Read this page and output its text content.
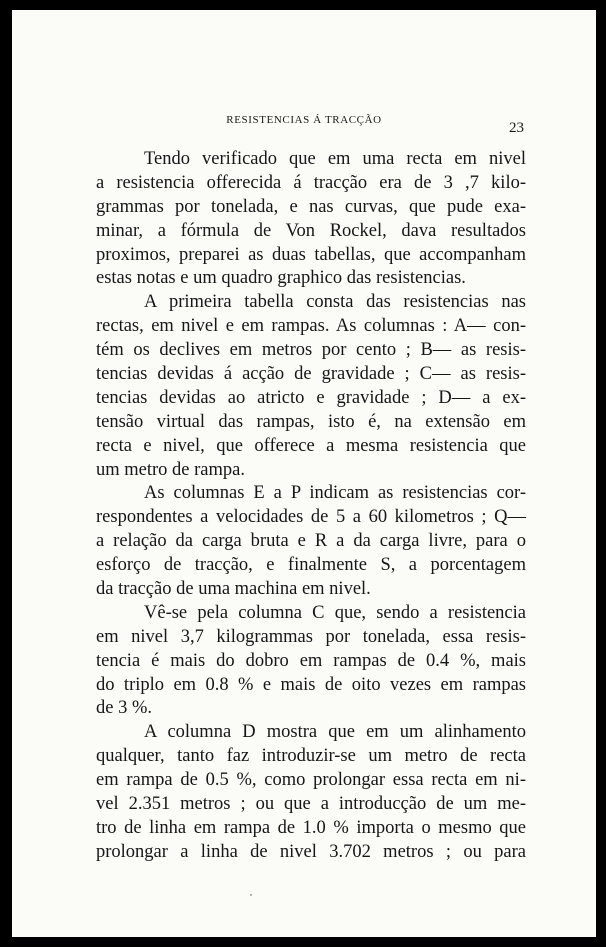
RESISTENCIAS Á TRACÇÃO	23
Tendo verificado que em uma recta em nivel
a resistencia offerecida á tracção era de 3 ,7 kilo-
grammas por tonelada, e nas curvas, que pude exa-
minar, a fórmula de Von Rockel, dava resultados
proximos, preparei as duas tabellas, que accompanham
estas notas e um quadro graphico das resistencias.
A primeira tabella consta das resistencias nas
rectas, em nivel e em rampas. As columnas : A— con-
tém os declives em metros por cento ; B— as resis-
tencias devidas á acção de gravidade ; C— as resis-
tencias devidas ao atricto e gravidade ; D— a ex-
tensão virtual das rampas, isto é, na extensão em
recta e nivel, que offerece a mesma resistencia que
um metro de rampa.
As columnas E a P indicam as resistencias cor-
respondentes a velocidades de 5 a 60 kilometros ; Q—
a relação da carga bruta e R a da carga livre, para o
esforço de tracção, e finalmente S, a porcentagem
da tracção de uma machina em nivel.
Vê-se pela columna C que, sendo a resistencia
em nivel 3,7 kilogrammas por tonelada, essa resis-
tencia é mais do dobro em rampas de 0.4 %, mais
do triplo em 0.8 % e mais de oito vezes em rampas
de 3 %.
A columna D mostra que em um alinhamento
qualquer, tanto faz introduzir-se um metro de recta
em rampa de 0.5 %, como prolongar essa recta em ni-
vel 2.351 metros ; ou que a introducção de um me-
tro de linha em rampa de 1.0 % importa o mesmo que
prolongar a linha de nivel 3.702 metros ; ou para
